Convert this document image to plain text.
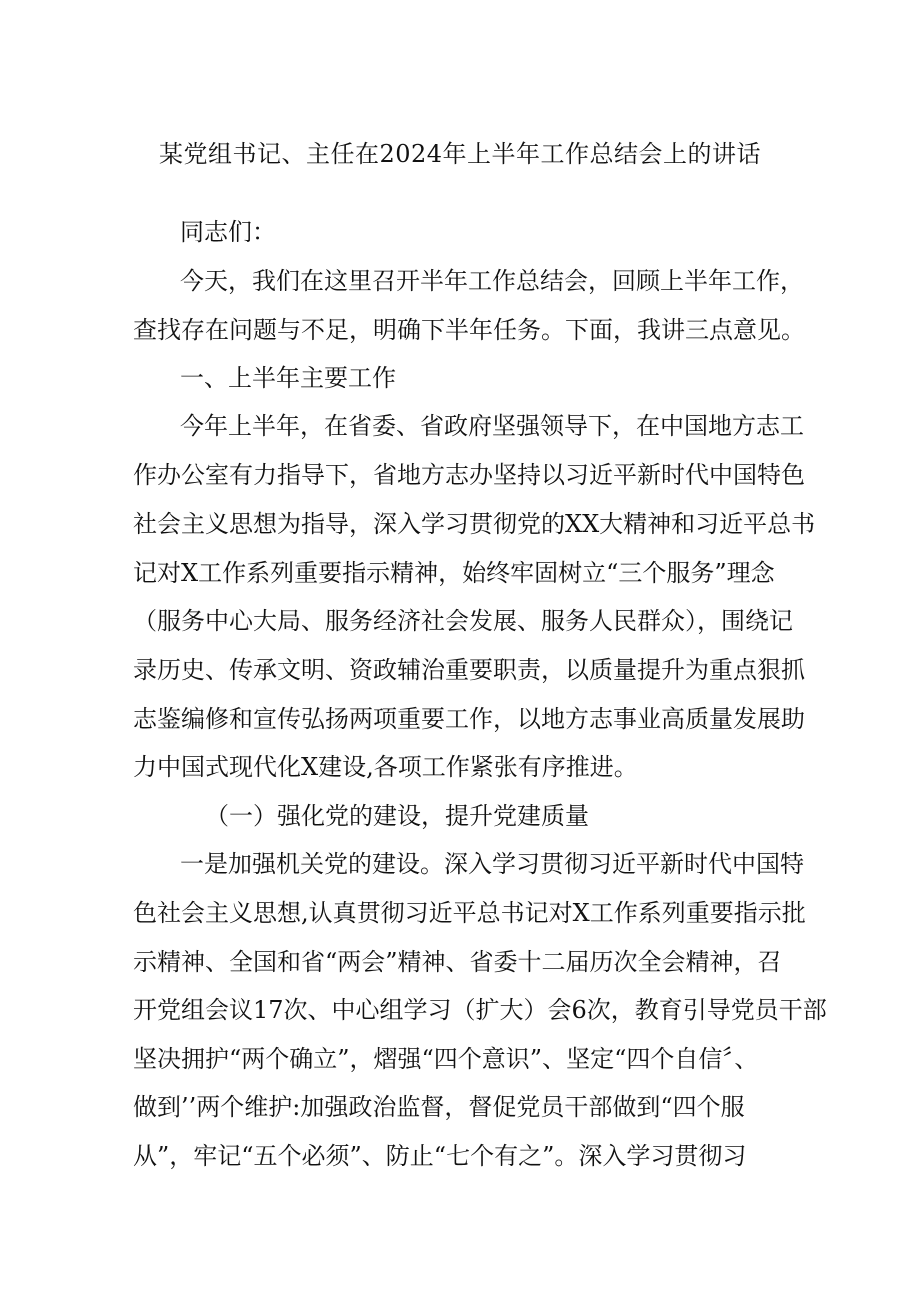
某党组书记、主任在2024年上半年工作总结会上的讲话
同志们：
今天，我们在这里召开半年工作总结会，回顾上半年工作，
查找存在问题与不足，明确下半年任务。下面，我讲三点意见。
一、上半年主要工作
今年上半年，在省委、省政府坚强领导下，在中国地方志工
作办公室有力指导下，省地方志办坚持以习近平新时代中国特色
社会主义思想为指导，深入学习贯彻党的XX大精神和习近平总书
记对X工作系列重要指示精神，始终牢固树立“三个服务”理念
（服务中心大局、服务经济社会发展、服务人民群众），围绕记
录历史、传承文明、资政辅治重要职责，以质量提升为重点狠抓
志鉴编修和宣传弘扬两项重要工作，以地方志事业高质量发展助
力中国式现代化X建设,各项工作紧张有序推进。
（一）强化党的建设，提升党建质量
一是加强机关党的建设。深入学习贯彻习近平新时代中国特
色社会主义思想,认真贯彻习近平总书记对X工作系列重要指示批
示精神、全国和省“两会”精神、省委十二届历次全会精神，召
开党组会议17次、中心组学习（扩大）会6次，教育引导党员干部
坚决拥护“两个确立”，熠强“四个意识”、坚定“四个自信〞、
做到’’两个维护:加强政治监督，督促党员干部做到“四个服
从”，牢记“五个必须”、防止“七个有之”。深入学习贯彻习
